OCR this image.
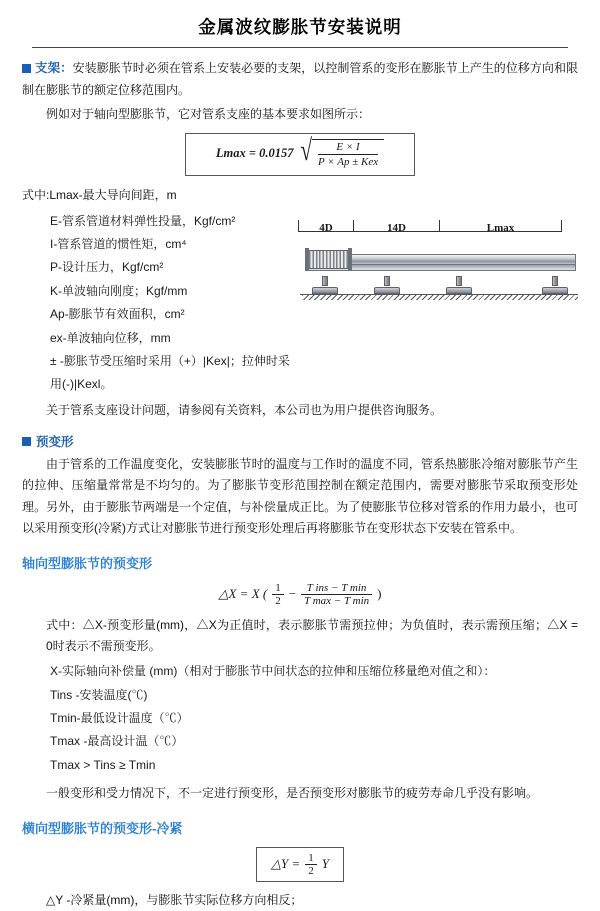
金属波纹膨胀节安装说明

支架：安装膨胀节时必须在管系上安装必要的支架，以控制管系的变形在膨胀节上产生的位移方向和限制在膨胀节的额定位移范围内。

例如对于轴向型膨胀节，它对管系支座的基本要求如图所示：

Lmax = 0.0157 √ $\frac{E \times I}{\text{P × Ap ± Kex}}$

式中:Lmax-最大导向间距，m

E-管系管道材料弹性投量，Kgf/cm²
I-管系管道的惯性矩，cm⁴
P-设计压力，Kgf/cm²
K-单波轴向刚度；Kgf/mm
Ap-膨胀节有效面积，cm²
ex-单波轴向位移，mm
± -膨胀节受压缩时采用（+）|Kex|；拉伸时采用(-)|Kexl。
4D	14D	Lmax

关于管系支座设计问题，请参阅有关资料，本公司也为用户提供咨询服务。

预变形

由于管系的工作温度变化，安装膨胀节时的温度与工作时的温度不同，管系热膨胀冷缩对膨胀节产生的拉伸、压缩量常常是不均匀的。为了膨胀节变形范围控制在额定范围内，需要对膨胀节采取预变形处理。另外，由于膨胀节两端是一个定值，与补偿量成正比。为了使膨胀节位移对管系的作用力最小，也可以采用预变形(冷紧)方式让对膨胀节进行预变形处理后再将膨胀节在变形状态下安装在管系中。

轴向型膨胀节的预变形
△X = X ( 1
2 − T ins − T min
T max − T min )

式中：△X-预变形量(mm)，△X为正值时，表示膨胀节需预拉伸；为负值时，表示需预压缩；△X = 0时表示不需预变形。

X-实际轴向补偿量 (mm)（相对于膨胀节中间状态的拉伸和压缩位移量绝对值之和）：
Tins -安装温度(℃)
Tmin-最低设计温度（℃）
Tmax -最高设计温（℃）
Tmax > Tins ≥ Tmin

一般变形和受力情况下，不一定进行预变形，是否预变形对膨胀节的疲劳寿命几乎没有影响。

横向型膨胀节的预变形-冷紧
△Y = $\frac{1}{2}$ Y

△Y -冷紧量(mm)，与膨胀节实际位移方向相反；
